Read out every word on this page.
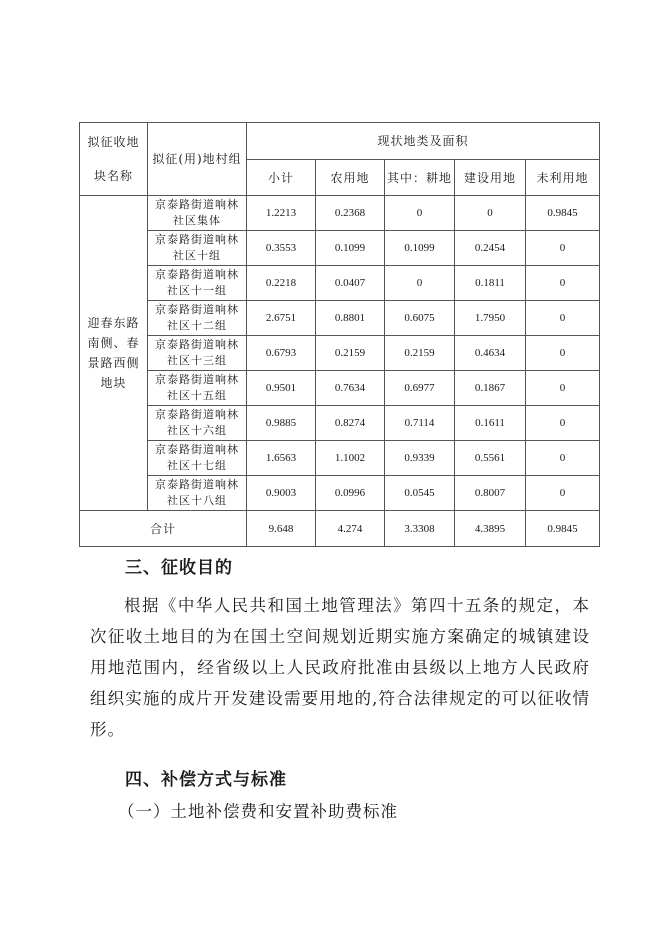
拟征收地块名称	拟征(用)地村组	现状地类及面积				
		小计	农用地	其中：耕地	建设用地	未利用地

迎春东路南侧、春景路西侧地块	京泰路街道响林社区集体	1.2213	0.2368	0	0	0.9845

	京泰路街道响林社区十组	0.3553	0.1099	0.1099	0.2454	0

	京泰路街道响林社区十一组	0.2218	0.0407	0	0.1811	0

	京泰路街道响林社区十二组	2.6751	0.8801	0.6075	1.7950	0

	京泰路街道响林社区十三组	0.6793	0.2159	0.2159	0.4634	0

	京泰路街道响林社区十五组	0.9501	0.7634	0.6977	0.1867	0

	京泰路街道响林社区十六组	0.9885	0.8274	0.7114	0.1611	0

	京泰路街道响林社区十七组	1.6563	1.1002	0.9339	0.5561	0

	京泰路街道响林社区十八组	0.9003	0.0996	0.0545	0.8007	0
合计		9.648	4.274	3.3308	4.3895	0.9845
三、征收目的
根据《中华人民共和国土地管理法》第四十五条的规定，本次征收土地目的为在国土空间规划近期实施方案确定的城镇建设用地范围内，经省级以上人民政府批准由县级以上地方人民政府组织实施的成片开发建设需要用地的,符合法律规定的可以征收情形。
四、补偿方式与标准
（一）土地补偿费和安置补助费标准
